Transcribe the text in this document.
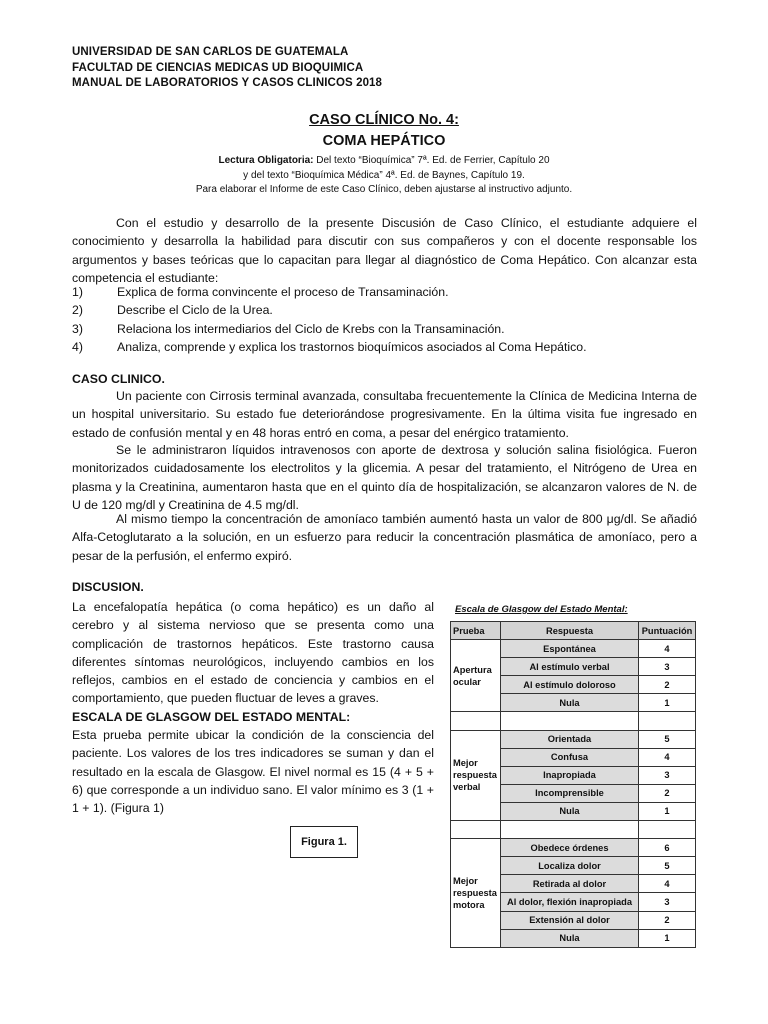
UNIVERSIDAD DE SAN CARLOS DE GUATEMALA
FACULTAD DE CIENCIAS MEDICAS UD BIOQUIMICA
MANUAL DE LABORATORIOS Y CASOS CLINICOS 2018
CASO CLÍNICO No. 4:
COMA HEPÁTICO
Lectura Obligatoria: Del texto “Bioquímica” 7ª. Ed. de Ferrier, Capítulo 20
y del texto “Bioquímica Médica” 4ª. Ed. de Baynes, Capítulo 19.
Para elaborar el Informe de este Caso Clínico, deben ajustarse al instructivo adjunto.
Con el estudio y desarrollo de la presente Discusión de Caso Clínico, el estudiante adquiere el conocimiento y desarrolla la habilidad para discutir con sus compañeros y con el docente responsable los argumentos y bases teóricas que lo capacitan para llegar al diagnóstico de Coma Hepático. Con alcanzar esta competencia el estudiante:
1)	Explica de forma convincente el proceso de Transaminación.
2)	Describe el Ciclo de la Urea.
3)	Relaciona los intermediarios del Ciclo de Krebs con la Transaminación.
4)	Analiza, comprende y explica los trastornos bioquímicos asociados al Coma Hepático.
CASO CLINICO.
Un paciente con Cirrosis terminal avanzada, consultaba frecuentemente la Clínica de Medicina Interna de un hospital universitario. Su estado fue deteriorándose progresivamente. En la última visita fue ingresado en estado de confusión mental y en 48 horas entró en coma, a pesar del enérgico tratamiento.
Se le administraron líquidos intravenosos con aporte de dextrosa y solución salina fisiológica. Fueron monitorizados cuidadosamente los electrolitos y la glicemia. A pesar del tratamiento, el Nitrógeno de Urea en plasma y la Creatinina, aumentaron hasta que en el quinto día de hospitalización, se alcanzaron valores de N. de U de 120 mg/dl y Creatinina de 4.5 mg/dl.
Al mismo tiempo la concentración de amoníaco también aumentó hasta un valor de 800 μg/dl. Se añadió Alfa-Cetoglutarato a la solución, en un esfuerzo para reducir la concentración plasmática de amoníaco, pero a pesar de la perfusión, el enfermo expiró.
DISCUSION.
La encefalopatía hepática (o coma hepático) es un daño al cerebro y al sistema nervioso que se presenta como una complicación de trastornos hepáticos. Este trastorno causa diferentes síntomas neurológicos, incluyendo cambios en los reflejos, cambios en el estado de conciencia y cambios en el comportamiento, que pueden fluctuar de leves a graves.
ESCALA DE GLASGOW DEL ESTADO MENTAL:
Esta prueba permite ubicar la condición de la consciencia del paciente. Los valores de los tres indicadores se suman y dan el resultado en la escala de Glasgow. El nivel normal es 15 (4 + 5 + 6) que corresponde a un individuo sano. El valor mínimo es 3 (1 + 1 + 1). (Figura 1)
Figura 1.
Escala de Glasgow del Estado Mental:
Prueba	Respuesta	Puntuación
Apertura ocular	Espontánea	4
	Al estímulo verbal	3
	Al estímulo doloroso	2
	Nula	1

Mejor respuesta verbal	Orientada	5
	Confusa	4
	Inapropiada	3
	Incomprensible	2
	Nula	1

Mejor respuesta motora	Obedece órdenes	6
	Localiza dolor	5
	Retirada al dolor	4
	Al dolor, flexión inapropiada	3
	Extensión al dolor	2
	Nula	1
